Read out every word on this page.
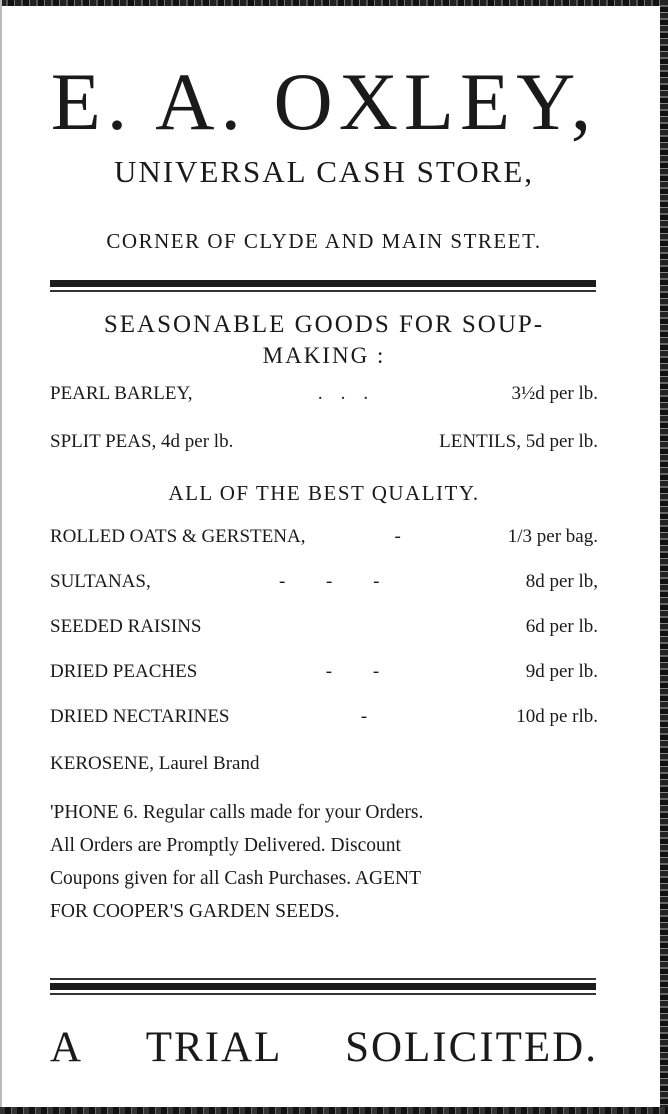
E. A. OXLEY,
UNIVERSAL CASH STORE,
CORNER OF CLYDE AND MAIN STREET.
SEASONABLE GOODS FOR SOUP-
MAKING :
PEARL BARLEY,	...	3½d per lb.
SPLIT PEAS, 4d per lb.	LENTILS, 5d per lb.
ALL OF THE BEST QUALITY.
ROLLED OATS & GERSTENA,	-	1/3 per bag.
SULTANAS,	- - -	8d per lb,
SEEDED RAISINS	6d per lb.
DRIED PEACHES	- -	9d per lb.
DRIED NECTARINES	-	10d pe rlb.
KEROSENE, Laurel Brand

'PHONE 6. Regular calls made for your Orders.

All Orders are Promptly Delivered. Discount

Coupons given for all Cash Purchases. AGENT

FOR COOPER'S GARDEN SEEDS.

A TRIAL SOLICITED.
